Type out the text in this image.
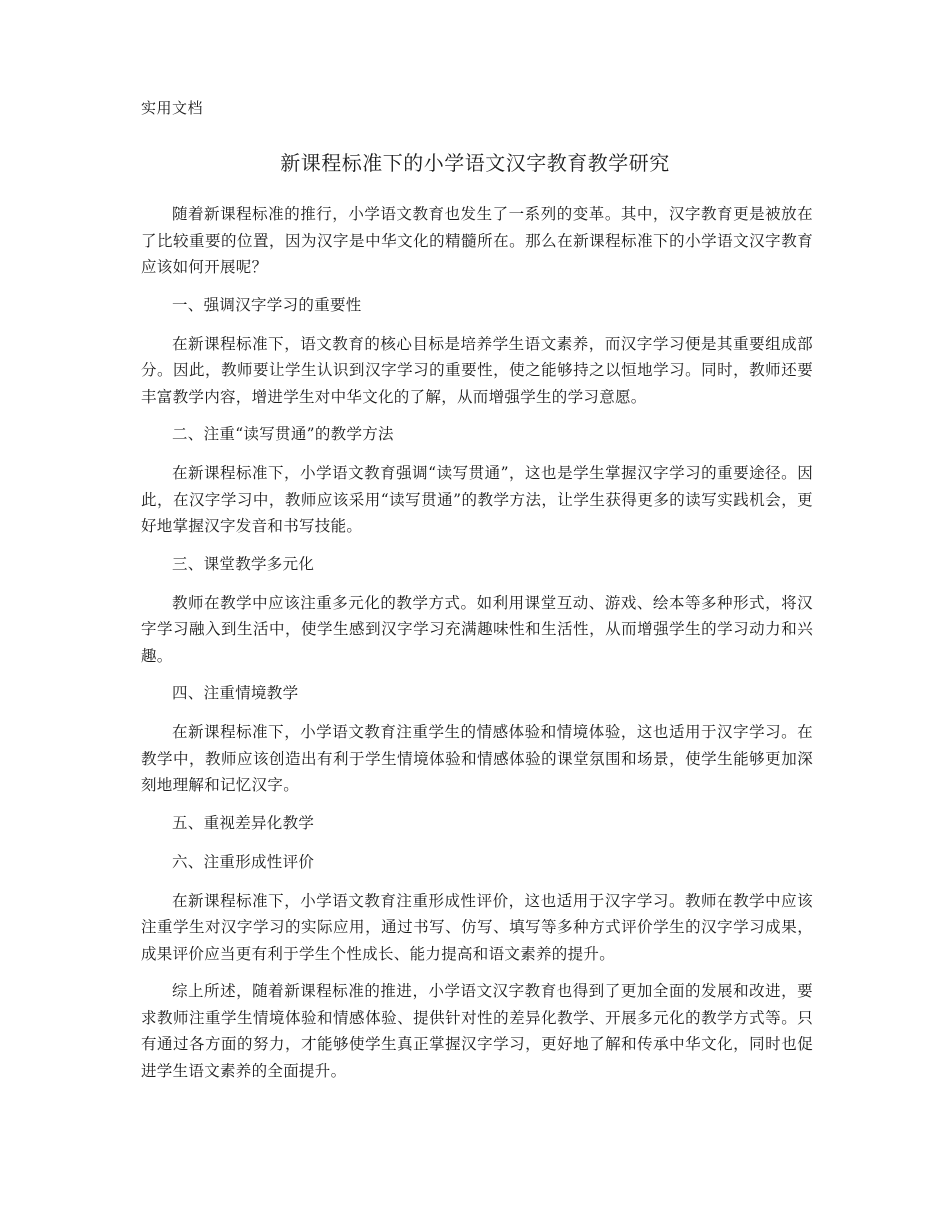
实用文档
新课程标准下的小学语文汉字教育教学研究

随着新课程标准的推行，小学语文教育也发生了一系列的变革。其中，汉字教育更是被放在了比较重要的位置，因为汉字是中华文化的精髓所在。那么在新课程标准下的小学语文汉字教育应该如何开展呢？

一、强调汉字学习的重要性

在新课程标准下，语文教育的核心目标是培养学生语文素养，而汉字学习便是其重要组成部分。因此，教师要让学生认识到汉字学习的重要性，使之能够持之以恒地学习。同时，教师还要丰富教学内容，增进学生对中华文化的了解，从而增强学生的学习意愿。

二、注重“读写贯通”的教学方法

在新课程标准下，小学语文教育强调“读写贯通”，这也是学生掌握汉字学习的重要途径。因此，在汉字学习中，教师应该采用“读写贯通”的教学方法，让学生获得更多的读写实践机会，更好地掌握汉字发音和书写技能。

三、课堂教学多元化

教师在教学中应该注重多元化的教学方式。如利用课堂互动、游戏、绘本等多种形式，将汉字学习融入到生活中，使学生感到汉字学习充满趣味性和生活性，从而增强学生的学习动力和兴趣。

四、注重情境教学

在新课程标准下，小学语文教育注重学生的情感体验和情境体验，这也适用于汉字学习。在教学中，教师应该创造出有利于学生情境体验和情感体验的课堂氛围和场景，使学生能够更加深刻地理解和记忆汉字。

五、重视差异化教学

六、注重形成性评价

在新课程标准下，小学语文教育注重形成性评价，这也适用于汉字学习。教师在教学中应该注重学生对汉字学习的实际应用，通过书写、仿写、填写等多种方式评价学生的汉字学习成果，成果评价应当更有利于学生个性成长、能力提高和语文素养的提升。

综上所述，随着新课程标准的推进，小学语文汉字教育也得到了更加全面的发展和改进，要求教师注重学生情境体验和情感体验、提供针对性的差异化教学、开展多元化的教学方式等。只有通过各方面的努力，才能够使学生真正掌握汉字学习，更好地了解和传承中华文化，同时也促进学生语文素养的全面提升。
